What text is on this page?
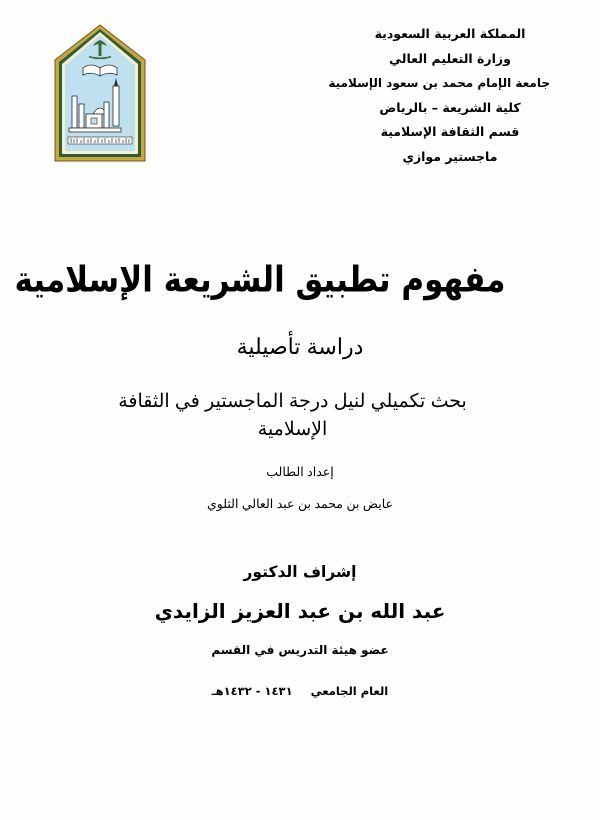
المملكة العربية السعودية
وزارة التعليم العالي
جامعة الإمام محمد بن سعود الإسلامية
كلية الشريعة – بالرياض
قسم الثقافة الإسلامية
ماجستير موازي
مفهوم تطبيق الشريعة الإسلامية
دراسة تأصيلية
بحث تكميلي لنيل درجة الماجستير في الثقافة الإسلامية
إعداد الطالب
عايض بن محمد بن عبد العالي الثلوي
إشراف الدكتور
عبد الله بن عبد العزيز الزايدي
عضو هيئة التدريس في القسم
العام الجامعي  ١٤٣١ - ١٤٣٢هـ
